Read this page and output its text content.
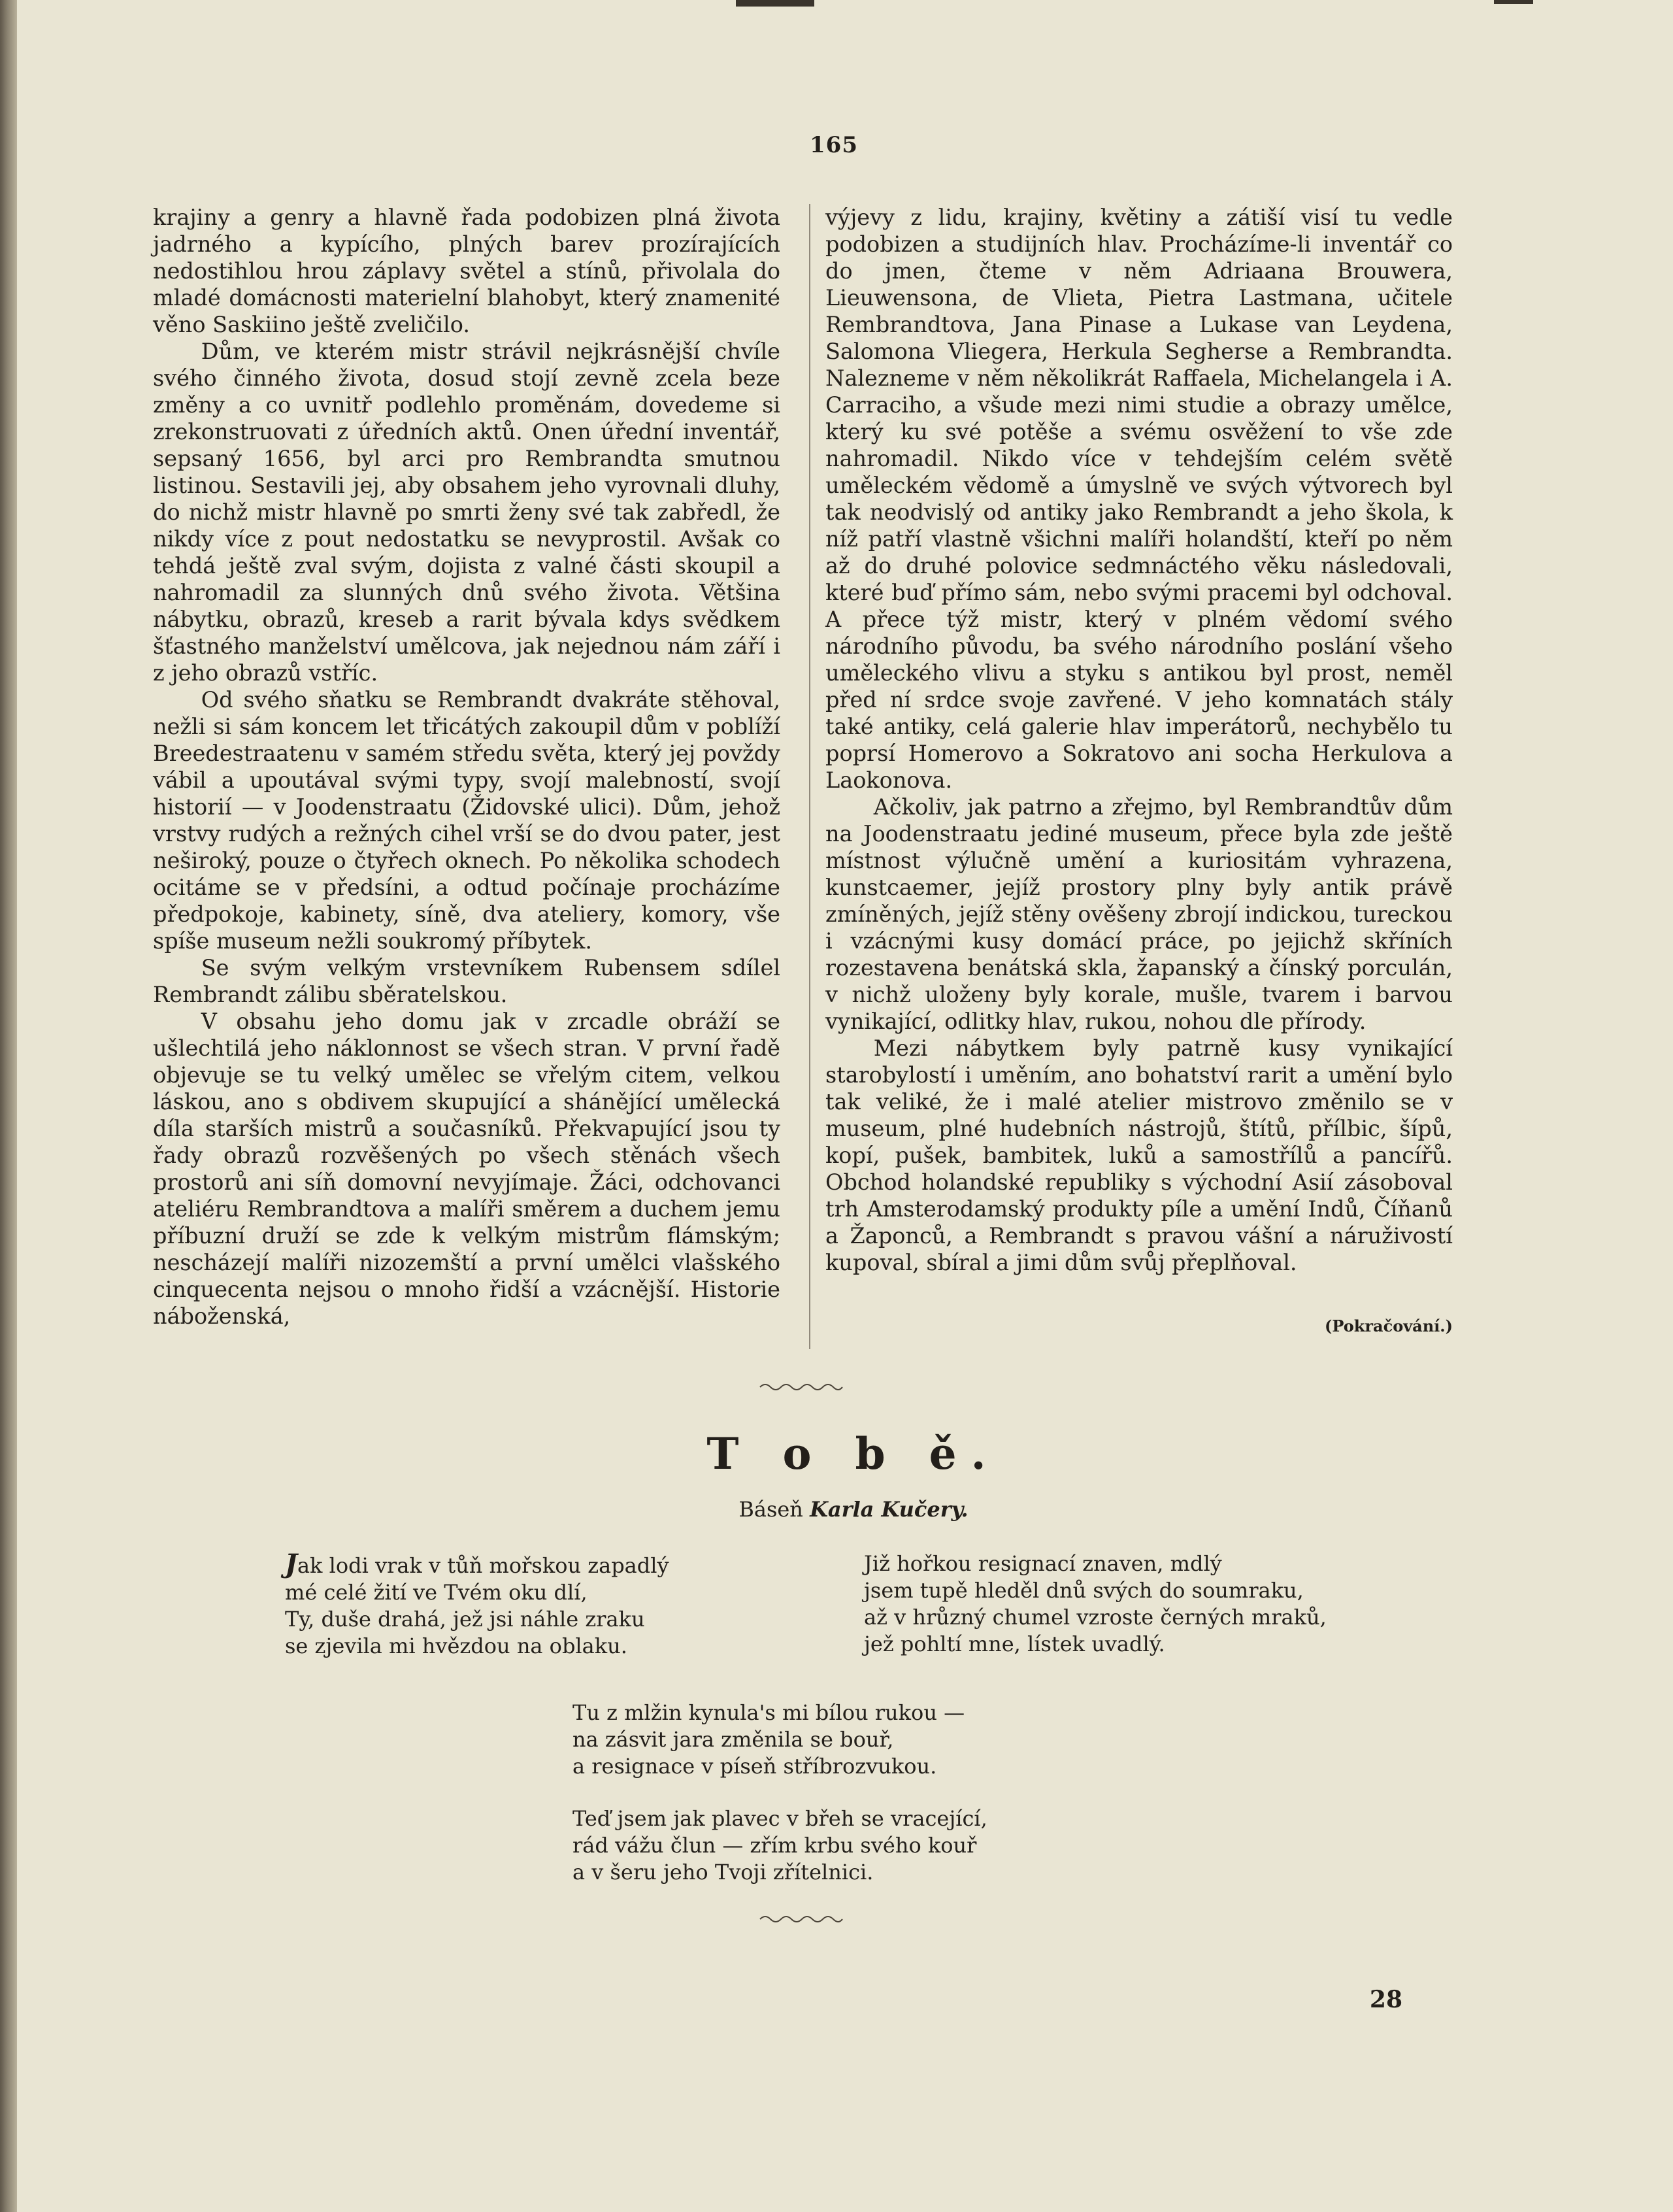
165

krajiny a genry a hlavně řada podobizen plná života jadrného a kypícího, plných barev prozírajících nedostihlou hrou záplavy světel a stínů, přivolala do mladé domácnosti materielní blahobyt, který znamenité věno Saskiino ještě zveličilo.

Dům, ve kterém mistr strávil nejkrásnější chvíle svého činného života, dosud stojí zevně zcela beze změny a co uvnitř podlehlo proměnám, dovedeme si zrekonstruovati z úředních aktů. Onen úřední inventář, sepsaný 1656, byl arci pro Rembrandta smutnou listinou. Sestavili jej, aby obsahem jeho vyrovnali dluhy, do nichž mistr hlavně po smrti ženy své tak zabředl, že nikdy více z pout nedostatku se nevyprostil. Avšak co tehdá ještě zval svým, dojista z valné části skoupil a nahromadil za slunných dnů svého života. Většina nábytku, obrazů, kreseb a rarit bývala kdys svědkem šťastného manželství umělcova, jak nejednou nám září i z jeho obrazů vstříc.

Od svého sňatku se Rembrandt dvakráte stěhoval, nežli si sám koncem let třicátých zakoupil dům v poblíží Breedestraatenu v samém středu světa, který jej povždy vábil a upoutával svými typy, svojí malebností, svojí historií — v Joodenstraatu (Židovské ulici). Dům, jehož vrstvy rudých a režných cihel vrší se do dvou pater, jest neširoký, pouze o čtyřech oknech. Po několika schodech ocitáme se v předsíni, a odtud počínaje procházíme předpokoje, kabinety, síně, dva ateliery, komory, vše spíše museum nežli soukromý příbytek.

Se svým velkým vrstevníkem Rubensem sdílel Rembrandt zálibu sběratelskou.

V obsahu jeho domu jak v zrcadle obráží se ušlechtilá jeho náklonnost se všech stran. V první řadě objevuje se tu velký umělec se vřelým citem, velkou láskou, ano s obdivem skupující a shánějící umělecká díla starších mistrů a současníků. Překvapující jsou ty řady obrazů rozvěšených po všech stěnách všech prostorů ani síň domovní nevyjímaje. Žáci, odchovanci ateliéru Rembrandtova a malíři směrem a duchem jemu příbuzní druží se zde k velkým mistrům flámským; nescházejí malíři nizozemští a první umělci vlašského cinquecenta nejsou o mnoho řidší a vzácnější. Historie náboženská,

výjevy z lidu, krajiny, květiny a zátiší visí tu vedle podobizen a studijních hlav. Procházíme-li inventář co do jmen, čteme v něm Adriaana Brouwera, Lieuwensona, de Vlieta, Pietra Lastmana, učitele Rembrandtova, Jana Pinase a Lukase van Leydena, Salomona Vliegera, Herkula Segherse a Rembrandta. Nalezneme v něm několikrát Raffaela, Michelangela i A. Carraciho, a všude mezi nimi studie a obrazy umělce, který ku své potěše a svému osvěžení to vše zde nahromadil. Nikdo více v tehdejším celém světě uměleckém vědomě a úmyslně ve svých výtvorech byl tak neodvislý od antiky jako Rembrandt a jeho škola, k níž patří vlastně všichni malíři holandští, kteří po něm až do druhé polovice sedmnáctého věku následovali, které buď přímo sám, nebo svými pracemi byl odchoval. A přece týž mistr, který v plném vědomí svého národního původu, ba svého národního poslání všeho uměleckého vlivu a styku s antikou byl prost, neměl před ní srdce svoje zavřené. V jeho komnatách stály také antiky, celá galerie hlav imperátorů, nechybělo tu poprsí Homerovo a Sokratovo ani socha Herkulova a Laokonova.

Ačkoliv, jak patrno a zřejmo, byl Rembrandtův dům na Joodenstraatu jediné museum, přece byla zde ještě místnost výlučně umění a kuriositám vyhrazena, kunstcaemer, jejíž prostory plny byly antik právě zmíněných, jejíž stěny ověšeny zbrojí indickou, tureckou i vzácnými kusy domácí práce, po jejichž skříních rozestavena benátská skla, žapanský a čínský porculán, v nichž uloženy byly korale, mušle, tvarem i barvou vynikající, odlitky hlav, rukou, nohou dle přírody.

Mezi nábytkem byly patrně kusy vynikající starobylostí i uměním, ano bohatství rarit a umění bylo tak veliké, že i malé atelier mistrovo změnilo se v museum, plné hudebních nástrojů, štítů, přílbic, šípů, kopí, pušek, bambitek, luků a samostřílů a pancířů. Obchod holandské republiky s východní Asií zásoboval trh Amsterodamský produkty píle a umění Indů, Číňanů a Žaponců, a Rembrandt s pravou vášní a náruživostí kupoval, sbíral a jimi dům svůj přeplňoval.

(Pokračování.)
T o b ě.
Báseň Karla Kučery.
Jak lodi vrak v tůň mořskou zapadlý
mé celé žití ve Tvém oku dlí,
Ty, duše drahá, jež jsi náhle zraku
se zjevila mi hvězdou na oblaku.
Již hořkou resignací znaven, mdlý
jsem tupě hleděl dnů svých do soumraku,
až v hrůzný chumel vzroste černých mraků,
jež pohltí mne, lístek uvadlý.
Tu z mlžin kynula's mi bílou rukou —
na zásvit jara změnila se bouř,
a resignace v píseň stříbrozvukou.
Teď jsem jak plavec v břeh se vracející,
rád vážu člun — zřím krbu svého kouř
a v šeru jeho Tvoji zřítelnici.
28
